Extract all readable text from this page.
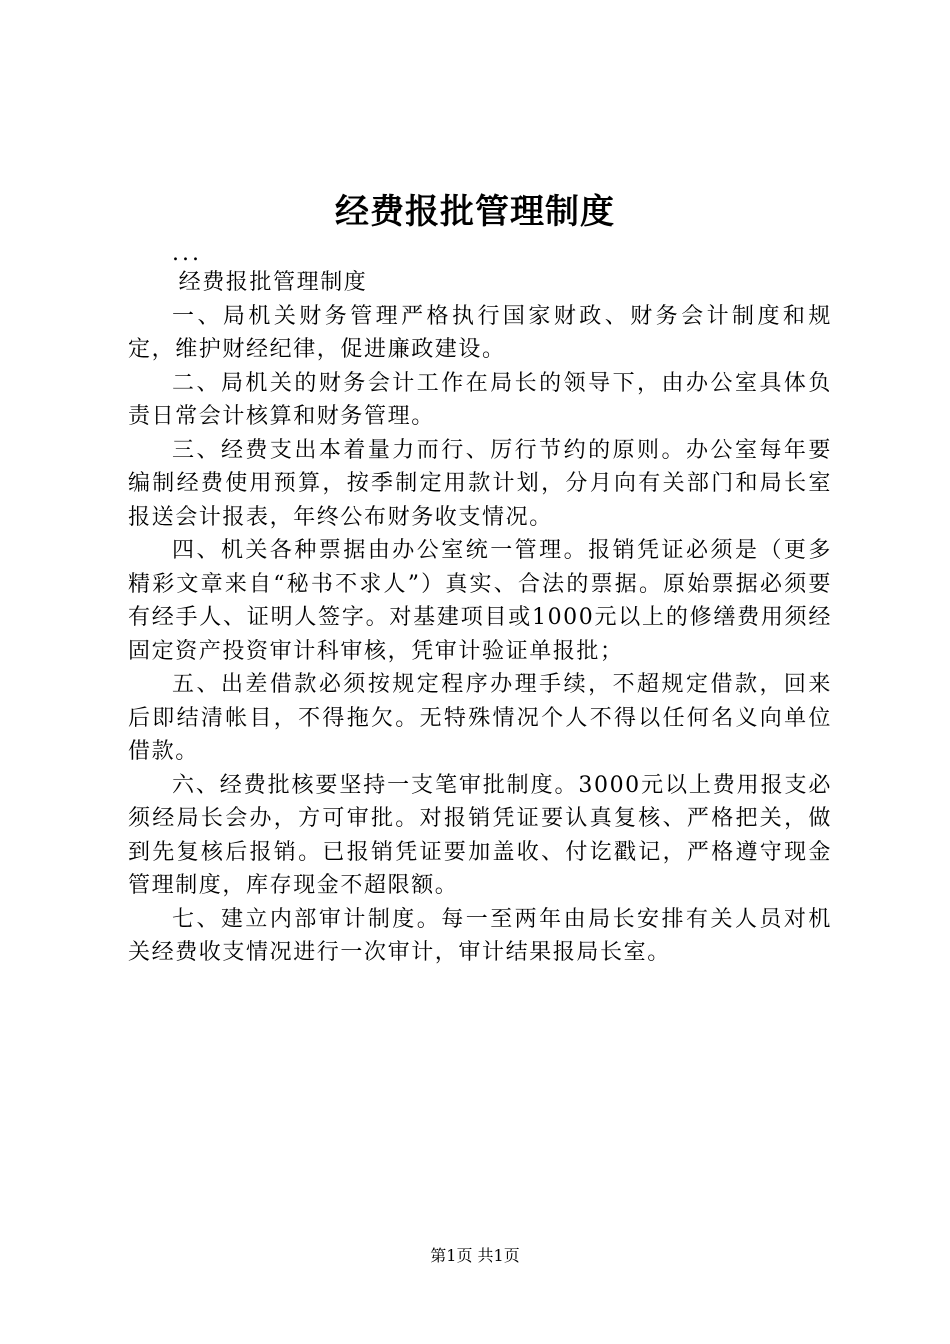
经费报批管理制度

...

经费报批管理制度

一、局机关财务管理严格执行国家财政、财务会计制度和规定，维护财经纪律，促进廉政建设。

二、局机关的财务会计工作在局长的领导下，由办公室具体负责日常会计核算和财务管理。

三、经费支出本着量力而行、厉行节约的原则。办公室每年要编制经费使用预算，按季制定用款计划，分月向有关部门和局长室报送会计报表，年终公布财务收支情况。

四、机关各种票据由办公室统一管理。报销凭证必须是（更多精彩文章来自“秘书不求人”）真实、合法的票据。原始票据必须要有经手人、证明人签字。对基建项目或1000元以上的修缮费用须经固定资产投资审计科审核，凭审计验证单报批；

五、出差借款必须按规定程序办理手续，不超规定借款，回来后即结清帐目，不得拖欠。无特殊情况个人不得以任何名义向单位借款。

六、经费批核要坚持一支笔审批制度。3000元以上费用报支必须经局长会办，方可审批。对报销凭证要认真复核、严格把关，做到先复核后报销。已报销凭证要加盖收、付讫戳记，严格遵守现金管理制度，库存现金不超限额。

七、建立内部审计制度。每一至两年由局长安排有关人员对机关经费收支情况进行一次审计，审计结果报局长室。

第1页 共1页
